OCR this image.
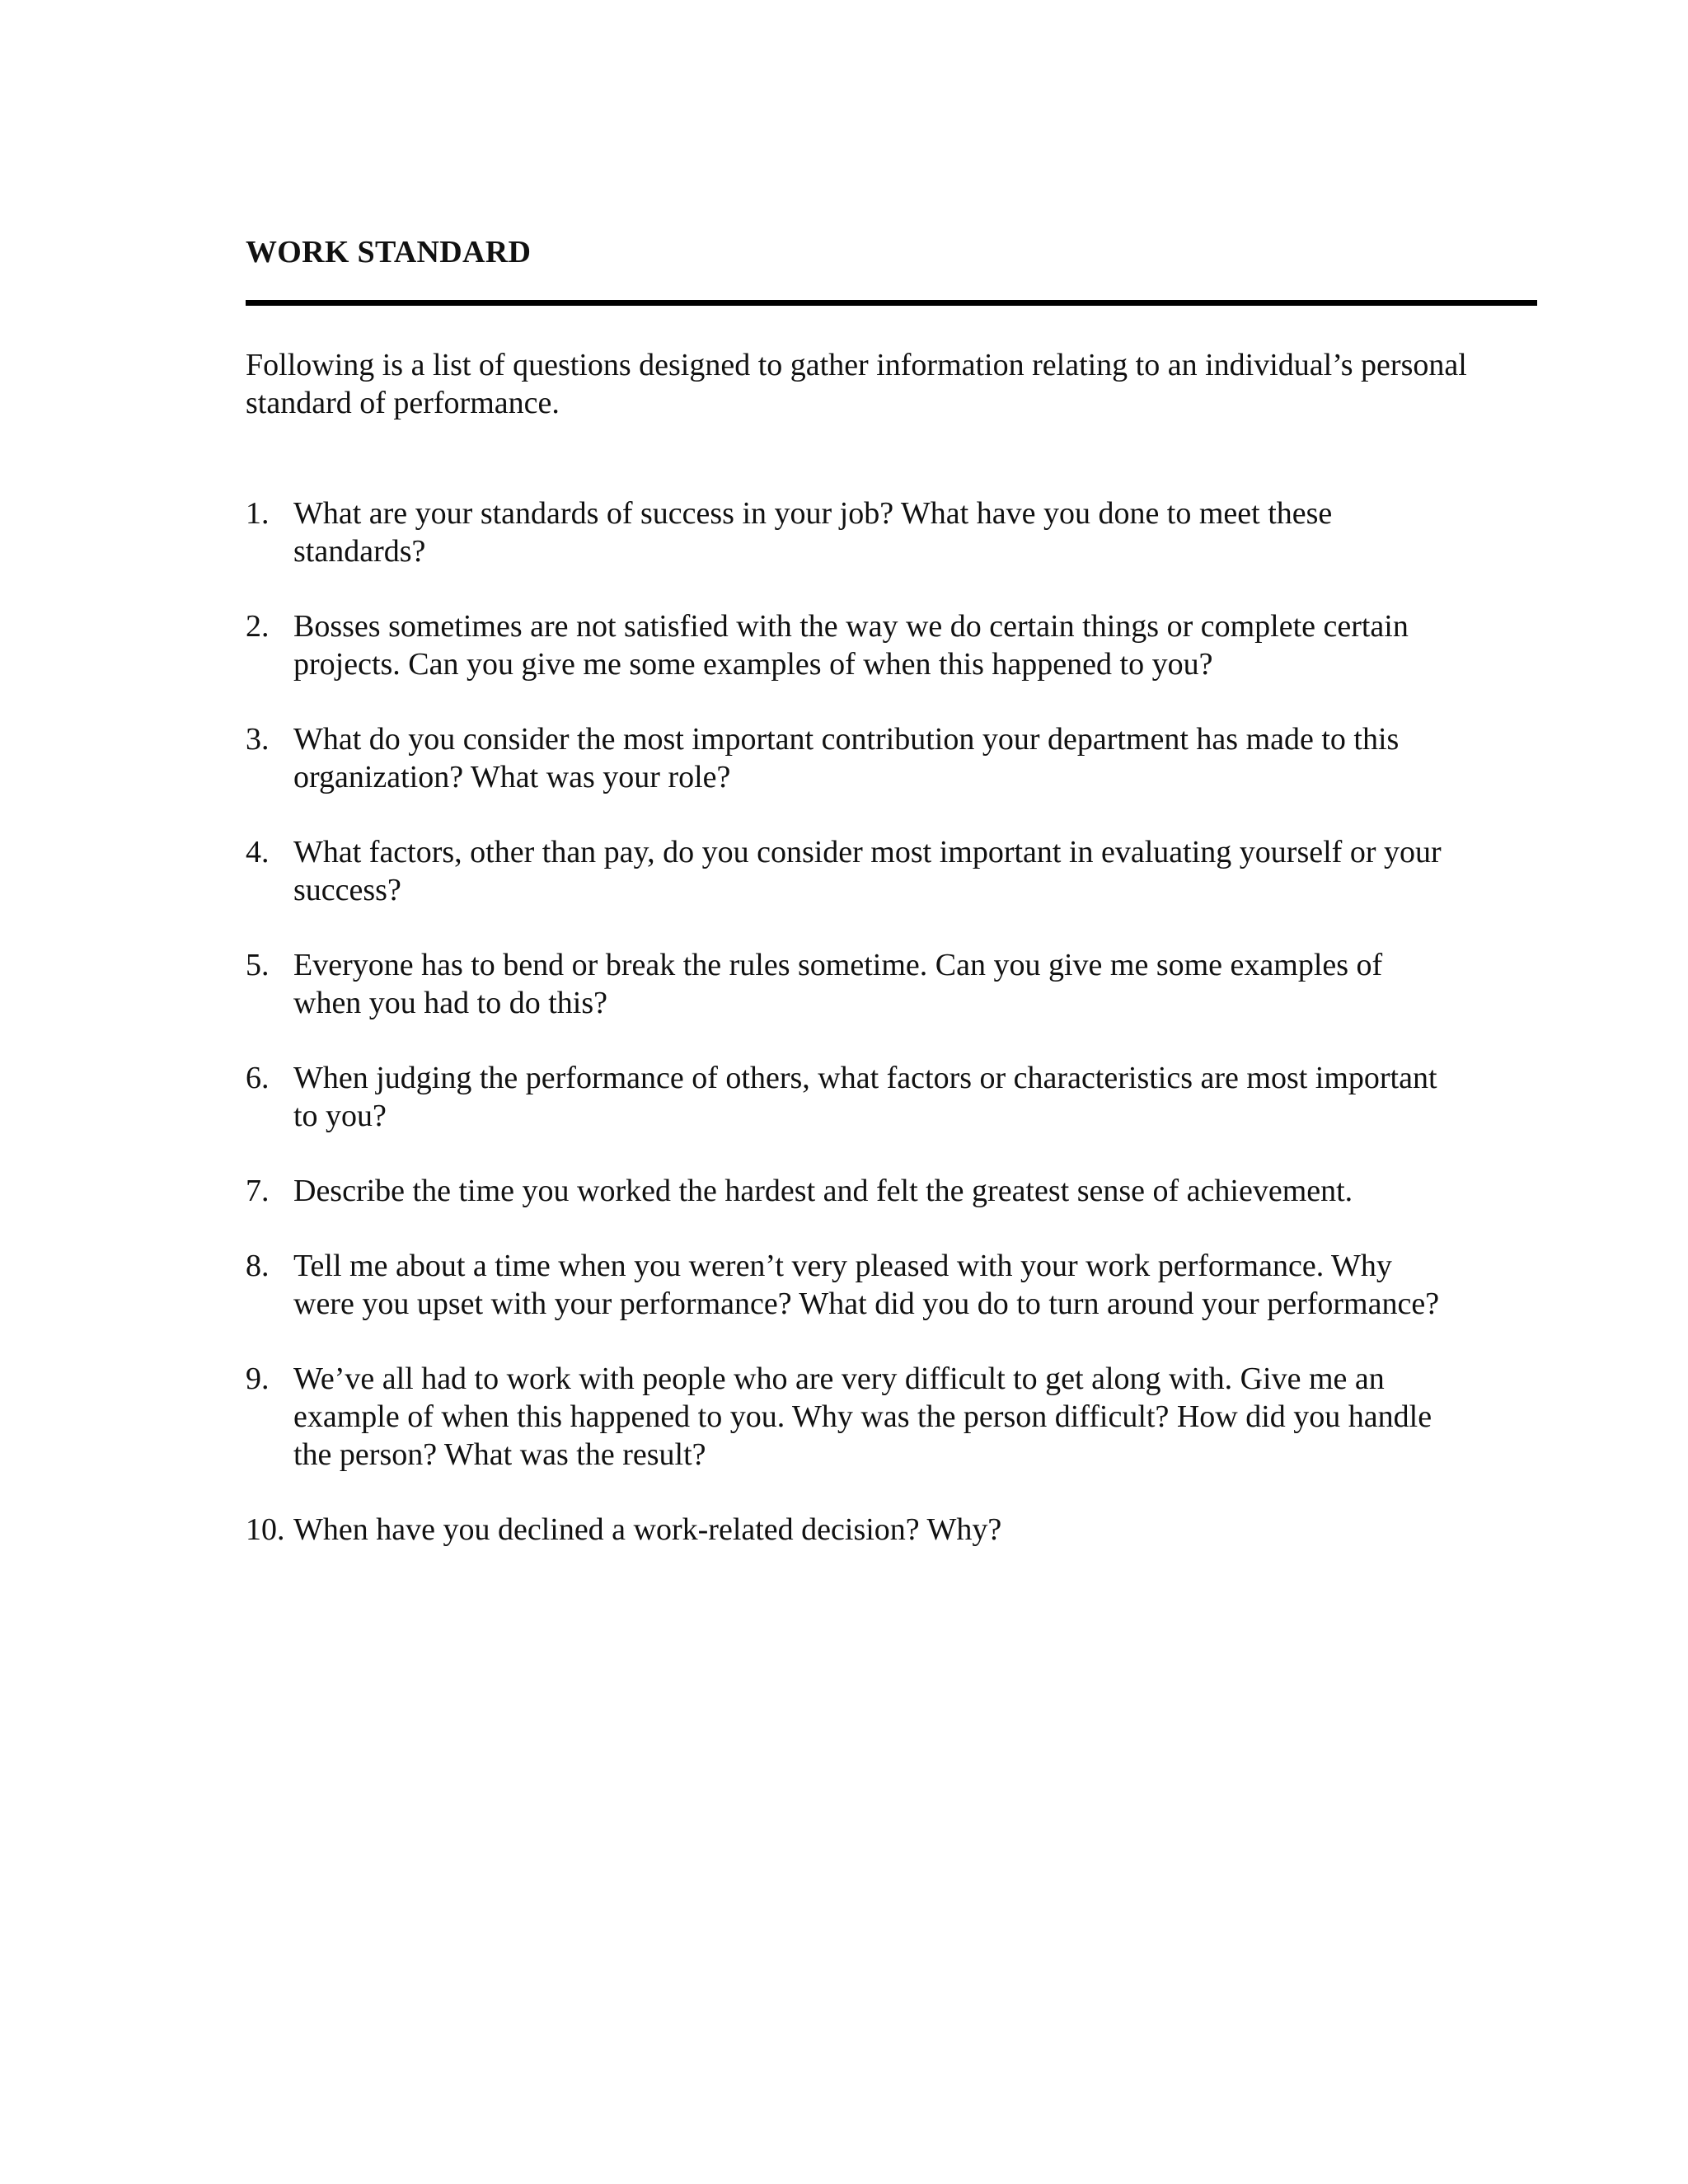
WORK STANDARD

Following is a list of questions designed to gather information relating to an individual’s personal standard of performance.

1. What are your standards of success in your job? What have you done to meet these standards?
2. Bosses sometimes are not satisfied with the way we do certain things or complete certain projects. Can you give me some examples of when this happened to you?
3. What do you consider the most important contribution your department has made to this organization? What was your role?
4. What factors, other than pay, do you consider most important in evaluating yourself or your success?
5. Everyone has to bend or break the rules sometime. Can you give me some examples of when you had to do this?
6. When judging the performance of others, what factors or characteristics are most important to you?
7. Describe the time you worked the hardest and felt the greatest sense of achievement.
8. Tell me about a time when you weren’t very pleased with your work performance. Why were you upset with your performance? What did you do to turn around your performance?
9. We’ve all had to work with people who are very difficult to get along with. Give me an example of when this happened to you. Why was the person difficult? How did you handle the person? What was the result?
10. When have you declined a work-related decision? Why?
